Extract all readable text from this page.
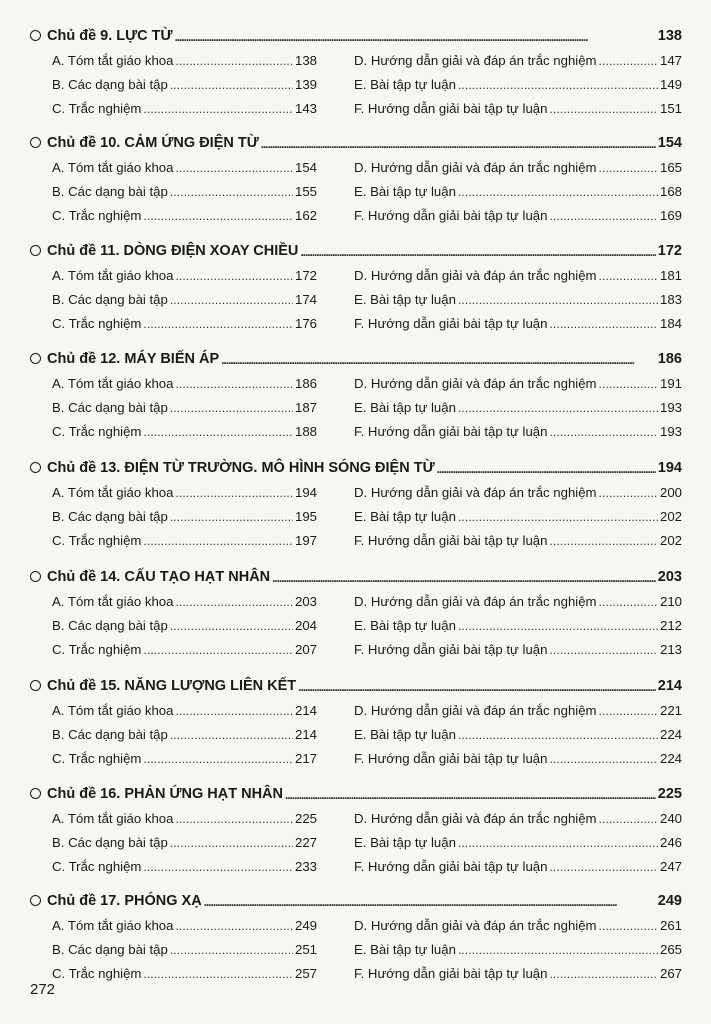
Chủ đề 9. LỰC TỪ . . .	138
A. Tóm tắt giáo khoa . . .	138
B. Các dạng bài tập . . .	139
C. Trắc nghiệm . . .	143
D. Hướng dẫn giải và đáp án trắc nghiệm . . .	147
E. Bài tập tự luận . . .	149
F. Hướng dẫn giải bài tập tự luận . . .	151
Chủ đề 10. CẢM ỨNG ĐIỆN TỪ . . .	154
A. Tóm tắt giáo khoa . . .	154
B. Các dạng bài tập . . .	155
C. Trắc nghiệm . . .	162
D. Hướng dẫn giải và đáp án trắc nghiệm . . .	165
E. Bài tập tự luận . . .	168
F. Hướng dẫn giải bài tập tự luận . . .	169
Chủ đề 11. DÒNG ĐIỆN XOAY CHIỀU . . .	172
A. Tóm tắt giáo khoa . . .	172
B. Các dạng bài tập . . .	174
C. Trắc nghiệm . . .	176
D. Hướng dẫn giải và đáp án trắc nghiệm . . .	181
E. Bài tập tự luận . . .	183
F. Hướng dẫn giải bài tập tự luận . . .	184
Chủ đề 12. MÁY BIẾN ÁP . . .	186
A. Tóm tắt giáo khoa . . .	186
B. Các dạng bài tập . . .	187
C. Trắc nghiệm . . .	188
D. Hướng dẫn giải và đáp án trắc nghiệm . . .	191
E. Bài tập tự luận . . .	193
F. Hướng dẫn giải bài tập tự luận . . .	193
Chủ đề 13. ĐIỆN TỪ TRƯỜNG. MÔ HÌNH SÓNG ĐIỆN TỪ . . .	194
A. Tóm tắt giáo khoa . . .	194
B. Các dạng bài tập . . .	195
C. Trắc nghiệm . . .	197
D. Hướng dẫn giải và đáp án trắc nghiệm . . .	200
E. Bài tập tự luận . . .	202
F. Hướng dẫn giải bài tập tự luận . . .	202
Chủ đề 14. CẤU TẠO HẠT NHÂN . . .	203
A. Tóm tắt giáo khoa . . .	203
B. Các dạng bài tập . . .	204
C. Trắc nghiệm . . .	207
D. Hướng dẫn giải và đáp án trắc nghiệm . . .	210
E. Bài tập tự luận . . .	212
F. Hướng dẫn giải bài tập tự luận . . .	213
Chủ đề 15. NĂNG LƯỢNG LIÊN KẾT . . .	214
A. Tóm tắt giáo khoa . . .	214
B. Các dạng bài tập . . .	214
C. Trắc nghiệm . . .	217
D. Hướng dẫn giải và đáp án trắc nghiệm . . .	221
E. Bài tập tự luận . . .	224
F. Hướng dẫn giải bài tập tự luận . . .	224
Chủ đề 16. PHẢN ỨNG HẠT NHÂN . . .	225
A. Tóm tắt giáo khoa . . .	225
B. Các dạng bài tập . . .	227
C. Trắc nghiệm . . .	233
D. Hướng dẫn giải và đáp án trắc nghiệm . . .	240
E. Bài tập tự luận . . .	246
F. Hướng dẫn giải bài tập tự luận . . .	247
Chủ đề 17. PHÓNG XẠ . . .	249
A. Tóm tắt giáo khoa . . .	249
B. Các dạng bài tập . . .	251
C. Trắc nghiệm . . .	257
D. Hướng dẫn giải và đáp án trắc nghiệm . . .	261
E. Bài tập tự luận . . .	265
F. Hướng dẫn giải bài tập tự luận . . .	267
272
